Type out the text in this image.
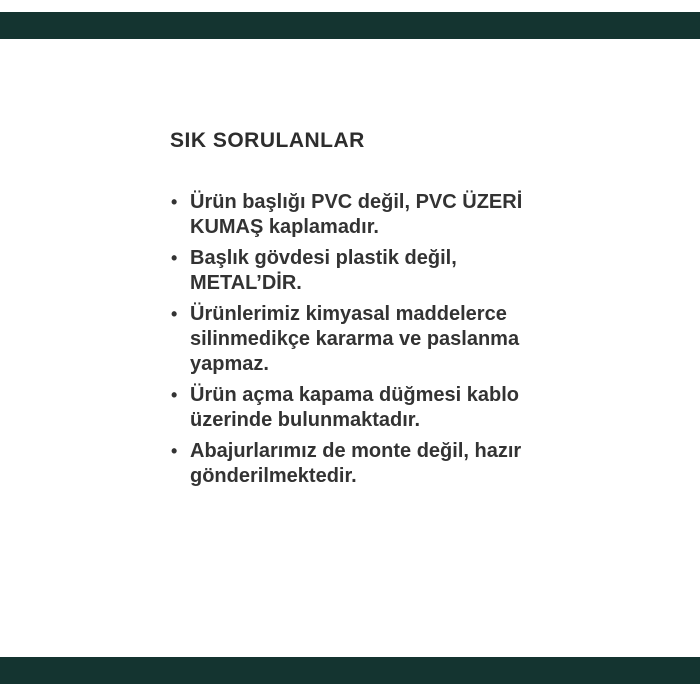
SIK SORULANLAR
• Ürün başlığı PVC değil, PVC ÜZERİ
KUMAŞ kaplamadır.
• Başlık gövdesi plastik değil,
METAL’DİR.
• Ürünlerimiz kimyasal maddelerce
silinmedikçe kararma ve paslanma
yapmaz.
• Ürün açma kapama düğmesi kablo
üzerinde bulunmaktadır.
• Abajurlarımız de monte değil, hazır
gönderilmektedir.
